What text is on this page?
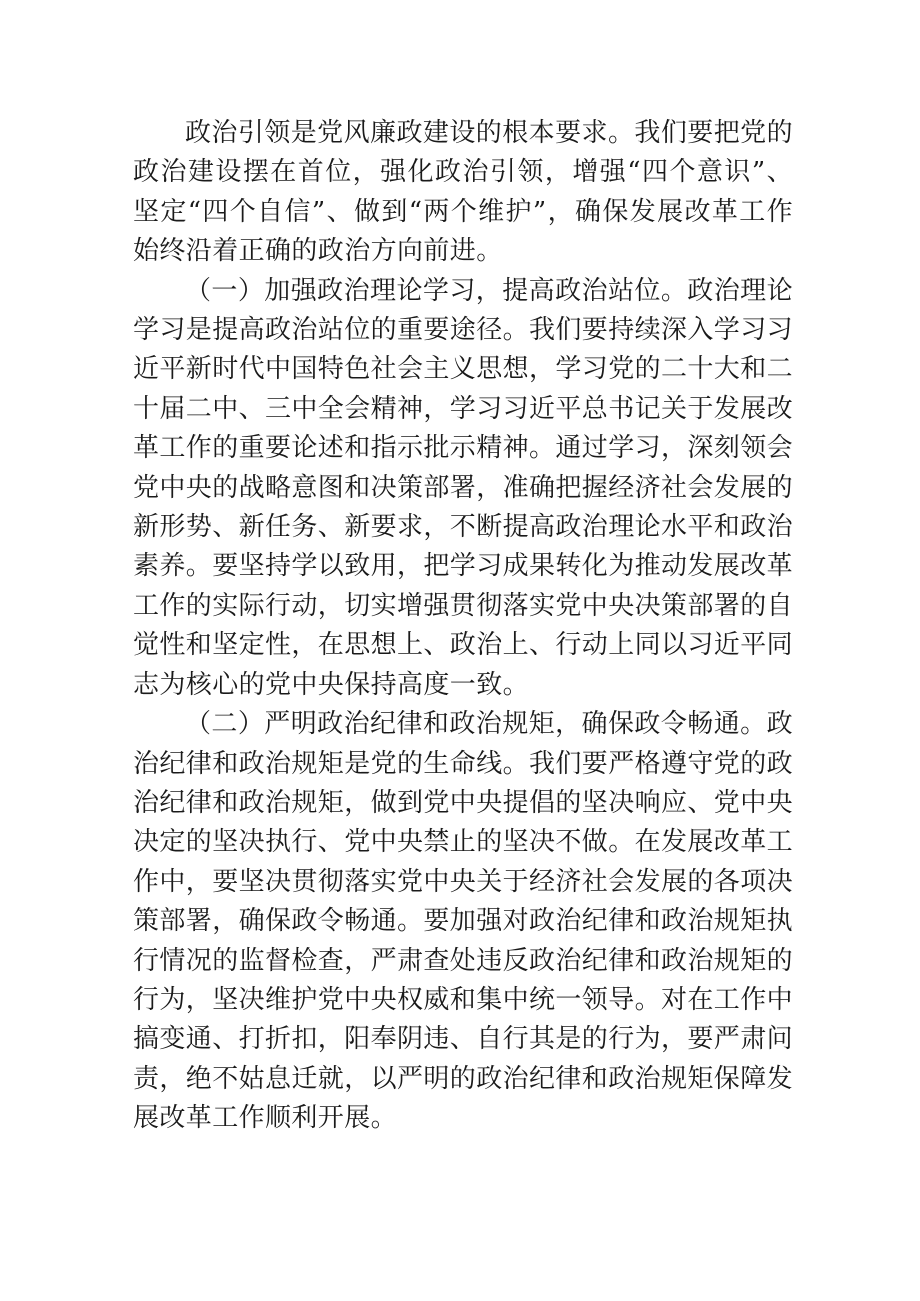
政治引领是党风廉政建设的根本要求。我们要把党的政治建设摆在首位，强化政治引领，增强“四个意识”、坚定“四个自信”、做到“两个维护”，确保发展改革工作始终沿着正确的政治方向前进。

（一）加强政治理论学习，提高政治站位。政治理论学习是提高政治站位的重要途径。我们要持续深入学习习近平新时代中国特色社会主义思想，学习党的二十大和二十届二中、三中全会精神，学习习近平总书记关于发展改革工作的重要论述和指示批示精神。通过学习，深刻领会党中央的战略意图和决策部署，准确把握经济社会发展的新形势、新任务、新要求，不断提高政治理论水平和政治素养。要坚持学以致用，把学习成果转化为推动发展改革工作的实际行动，切实增强贯彻落实党中央决策部署的自觉性和坚定性，在思想上、政治上、行动上同以习近平同志为核心的党中央保持高度一致。

（二）严明政治纪律和政治规矩，确保政令畅通。政治纪律和政治规矩是党的生命线。我们要严格遵守党的政治纪律和政治规矩，做到党中央提倡的坚决响应、党中央决定的坚决执行、党中央禁止的坚决不做。在发展改革工作中，要坚决贯彻落实党中央关于经济社会发展的各项决策部署，确保政令畅通。要加强对政治纪律和政治规矩执行情况的监督检查，严肃查处违反政治纪律和政治规矩的行为，坚决维护党中央权威和集中统一领导。对在工作中搞变通、打折扣，阳奉阴违、自行其是的行为，要严肃问责，绝不姑息迁就，以严明的政治纪律和政治规矩保障发展改革工作顺利开展。
